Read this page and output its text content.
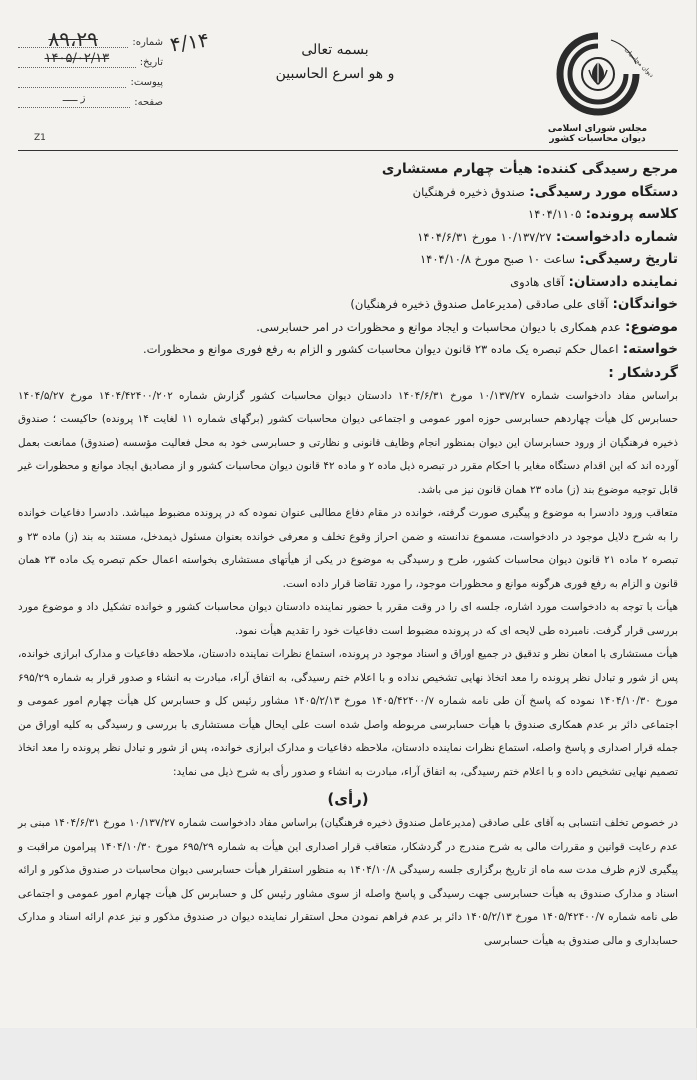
شماره:
۸۹،۲۹
تاریخ:
۱۴۰۵/۰۲/۱۳
پیوست:
صفحه:
ز ـــــ
Z1
۴/۱۴	بسمه تعالی
و هو اسرع الحاسبین	دیوان محاسبات
مجلس شورای اسلامی
دیوان محاسبات کشور
مرجع رسیدگی کننده: هیأت چهارم مستشاری
دستگاه مورد رسیدگی: صندوق ذخیره فرهنگیان
کلاسه پرونده: ۱۴۰۴/۱۱۰۵
شماره دادخواست: ۱۰/۱۳۷/۲۷ مورخ ۱۴۰۴/۶/۳۱
تاریخ رسیدگی: ساعت ۱۰ صبح مورخ ۱۴۰۴/۱۰/۸
نماینده دادستان: آقای هادوی
خواندگان: آقای علی صادقی (مدیرعامل صندوق ذخیره فرهنگیان)
موضوع: عدم همکاری با دیوان محاسبات و ایجاد موانع و محظورات در امر حسابرسی.
خواسته: اعمال حکم تبصره یک ماده ۲۳ قانون دیوان محاسبات کشور و الزام به رفع فوری موانع و محظورات.
گردشکار :

براساس مفاد دادخواست شماره ۱۰/۱۳۷/۲۷ مورخ ۱۴۰۴/۶/۳۱ دادستان دیوان محاسبات کشور گزارش شماره ۱۴۰۴/۴۲۴۰۰/۲۰۲ مورخ ۱۴۰۴/۵/۲۷ حسابرس کل هیأت چهاردهم حسابرسی حوزه امور عمومی و اجتماعی دیوان محاسبات کشور (برگهای شماره ۱۱ لغایت ۱۴ پرونده) حاکیست ؛ صندوق ذخیره فرهنگیان از ورود حسابرسان این دیوان بمنظور انجام وظایف قانونی و نظارتی و حسابرسی خود به محل فعالیت مؤسسه (صندوق) ممانعت بعمل آورده اند که این اقدام دستگاه مغایر با احکام مقرر در تبصره ذیل ماده ۲ و ماده ۴۲ قانون دیوان محاسبات کشور و از مصادیق ایجاد موانع و محظورات غیر قابل توجیه موضوع بند (ز) ماده ۲۳ همان قانون نیز می باشد.

متعاقب ورود دادسرا به موضوع و پیگیری صورت گرفته، خوانده در مقام دفاع مطالبی عنوان نموده که در پرونده مضبوط میباشد. دادسرا دفاعیات خوانده را به شرح دلایل موجود در دادخواست، مسموع ندانسته و ضمن احراز وقوع تخلف و معرفی خوانده بعنوان مسئول ذیمدخل، مستند به بند (ز) ماده ۲۳ و تبصره ۲ ماده ۲۱ قانون دیوان محاسبات کشور، طرح و رسیدگی به موضوع در یکی از هیأتهای مستشاری بخواسته اعمال حکم تبصره یک ماده ۲۳ همان قانون و الزام به رفع فوری هرگونه موانع و محظورات موجود، را مورد تقاضا قرار داده است.

هیأت با توجه به دادخواست مورد اشاره، جلسه ای را در وقت مقرر با حضور نماینده دادستان دیوان محاسبات کشور و خوانده تشکیل داد و موضوع مورد بررسی قرار گرفت. نامبرده طی لایحه ای که در پرونده مضبوط است دفاعیات خود را تقدیم هیأت نمود.

هیأت مستشاری با امعان نظر و تدقیق در جمیع اوراق و اسناد موجود در پرونده، استماع نظرات نماینده دادستان، ملاحظه دفاعیات و مدارک ابرازی خوانده، پس از شور و تبادل نظر پرونده را معد اتخاذ نهایی تشخیص نداده و با اعلام ختم رسیدگی، به اتفاق آراء، مبادرت به انشاء و صدور قرار به شماره ۶۹۵/۲۹ مورخ ۱۴۰۴/۱۰/۳۰ نموده که پاسخ آن طی نامه شماره ۱۴۰۵/۴۲۴۰۰/۷ مورخ ۱۴۰۵/۲/۱۳ مشاور رئیس کل و حسابرس کل هیأت چهارم امور عمومی و اجتماعی دائر بر عدم همکاری صندوق با هیأت حسابرسی مربوطه واصل شده است علی ایحال هیأت مستشاری با بررسی و رسیدگی به کلیه اوراق من جمله قرار اصداری و پاسخ واصله، استماع نظرات نماینده دادستان، ملاحظه دفاعیات و مدارک ابرازی خوانده، پس از شور و تبادل نظر پرونده را معد اتخاذ تصمیم نهایی تشخیص داده و با اعلام ختم رسیدگی، به اتفاق آراء، مبادرت به انشاء و صدور رأی به شرح ذیل می نماید:

(رأی)

در خصوص تخلف انتسابی به آقای علی صادقی (مدیرعامل صندوق ذخیره فرهنگیان) براساس مفاد دادخواست شماره ۱۰/۱۳۷/۲۷ مورخ ۱۴۰۴/۶/۳۱ مبنی بر عدم رعایت قوانین و مقررات مالی به شرح مندرج در گردشکار، متعاقب قرار اصداری این هیأت به شماره ۶۹۵/۲۹ مورخ ۱۴۰۴/۱۰/۳۰ پیرامون مراقبت و پیگیری لازم ظرف مدت سه ماه از تاریخ برگزاری جلسه رسیدگی ۱۴۰۴/۱۰/۸ به منظور استقرار هیأت حسابرسی دیوان محاسبات در صندوق مذکور و ارائه اسناد و مدارک صندوق به هیأت حسابرسی جهت رسیدگی و پاسخ واصله از سوی مشاور رئیس کل و حسابرس کل هیأت چهارم امور عمومی و اجتماعی طی نامه شماره ۱۴۰۵/۴۲۴۰۰/۷ مورخ ۱۴۰۵/۲/۱۳ دائر بر عدم فراهم نمودن محل استقرار نماینده دیوان در صندوق مذکور و نیز عدم ارائه اسناد و مدارک حسابداری و مالی صندوق به هیأت حسابرسی
